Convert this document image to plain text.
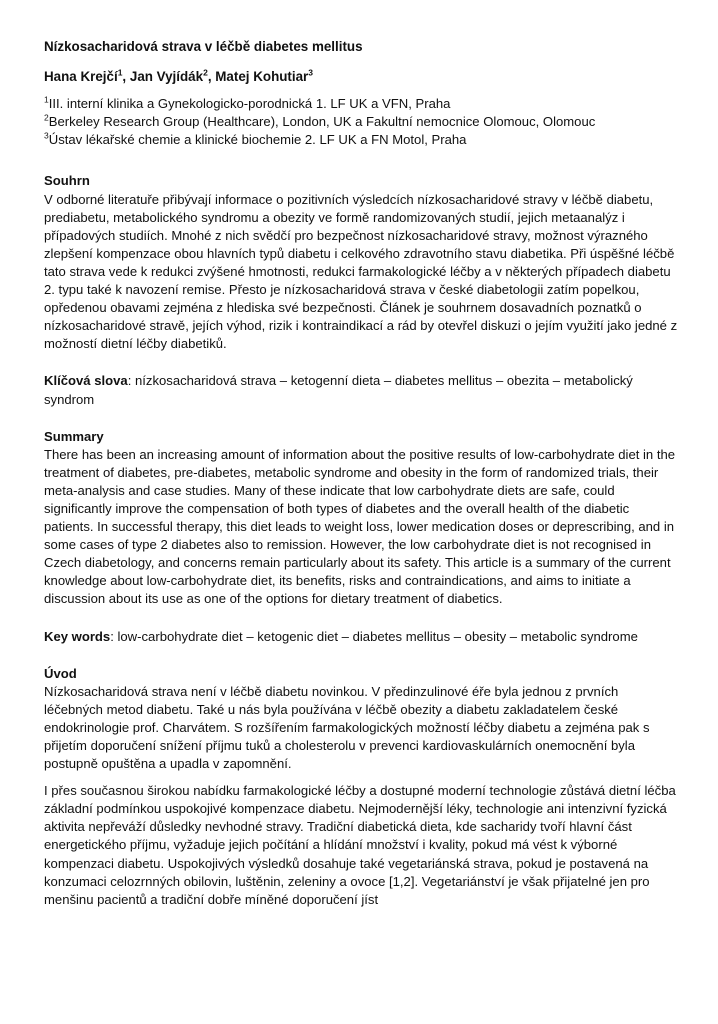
Nízkosacharidová strava v léčbě diabetes mellitus
Hana Krejčí$^1$, Jan Vyjídák$^2$, Matej Kohutiar$^3$
$^1$III. interní klinika a Gynekologicko-porodnická 1. LF UK a VFN, Praha
$^2$Berkeley Research Group (Healthcare), London, UK a Fakultní nemocnice Olomouc, Olomouc
$^3$Ústav lékařské chemie a klinické biochemie 2. LF UK a FN Motol, Praha
Souhrn

V odborné literatuře přibývají informace o pozitivních výsledcích nízkosacharidové stravy v léčbě diabetu, prediabetu, metabolického syndromu a obezity ve formě randomizovaných studií, jejich metaanalýz i případových studiích. Mnohé z nich svědčí pro bezpečnost nízkosacharidové stravy, možnost výrazného zlepšení kompenzace obou hlavních typů diabetu i celkového zdravotního stavu diabetika. Při úspěšné léčbě tato strava vede k redukci zvýšené hmotnosti, redukci farmakologické léčby a v některých případech diabetu 2. typu také k navození remise. Přesto je nízkosacharidová strava v české diabetologii zatím popelkou, opředenou obavami zejména z hlediska své bezpečnosti. Článek je souhrnem dosavadních poznatků o nízkosacharidové stravě, jejích výhod, rizik i kontraindikací a rád by otevřel diskuzi o jejím využití jako jedné z možností dietní léčby diabetiků.

Klíčová slova: nízkosacharidová strava – ketogenní dieta – diabetes mellitus – obezita – metabolický syndrom

Summary

There has been an increasing amount of information about the positive results of low-carbohydrate diet in the treatment of diabetes, pre-diabetes, metabolic syndrome and obesity in the form of randomized trials, their meta-analysis and case studies. Many of these indicate that low carbohydrate diets are safe, could significantly improve the compensation of both types of diabetes and the overall health of the diabetic patients. In successful therapy, this diet leads to weight loss, lower medication doses or deprescribing, and in some cases of type 2 diabetes also to remission. However, the low carbohydrate diet is not recognised in Czech diabetology, and concerns remain particularly about its safety. This article is a summary of the current knowledge about low-carbohydrate diet, its benefits, risks and contraindications, and aims to initiate a discussion about its use as one of the options for dietary treatment of diabetics.

Key words: low-carbohydrate diet – ketogenic diet – diabetes mellitus – obesity – metabolic syndrome

Úvod

Nízkosacharidová strava není v léčbě diabetu novinkou. V předinzulinové éře byla jednou z prvních léčebných metod diabetu. Také u nás byla používána v léčbě obezity a diabetu zakladatelem české endokrinologie prof. Charvátem. S rozšířením farmakologických možností léčby diabetu a zejména pak s přijetím doporučení snížení příjmu tuků a cholesterolu v prevenci kardiovaskulárních onemocnění byla postupně opuštěna a upadla v zapomnění.

I přes současnou širokou nabídku farmakologické léčby a dostupné moderní technologie zůstává dietní léčba základní podmínkou uspokojivé kompenzace diabetu. Nejmodernější léky, technologie ani intenzivní fyzická aktivita nepřeváží důsledky nevhodné stravy. Tradiční diabetická dieta, kde sacharidy tvoří hlavní část energetického příjmu, vyžaduje jejich počítání a hlídání množství i kvality, pokud má vést k výborné kompenzaci diabetu. Uspokojivých výsledků dosahuje také vegetariánská strava, pokud je postavená na konzumaci celozrnných obilovin, luštěnin, zeleniny a ovoce [1,2]. Vegetariánství je však přijatelné jen pro menšinu pacientů a tradiční dobře míněné doporučení jíst
